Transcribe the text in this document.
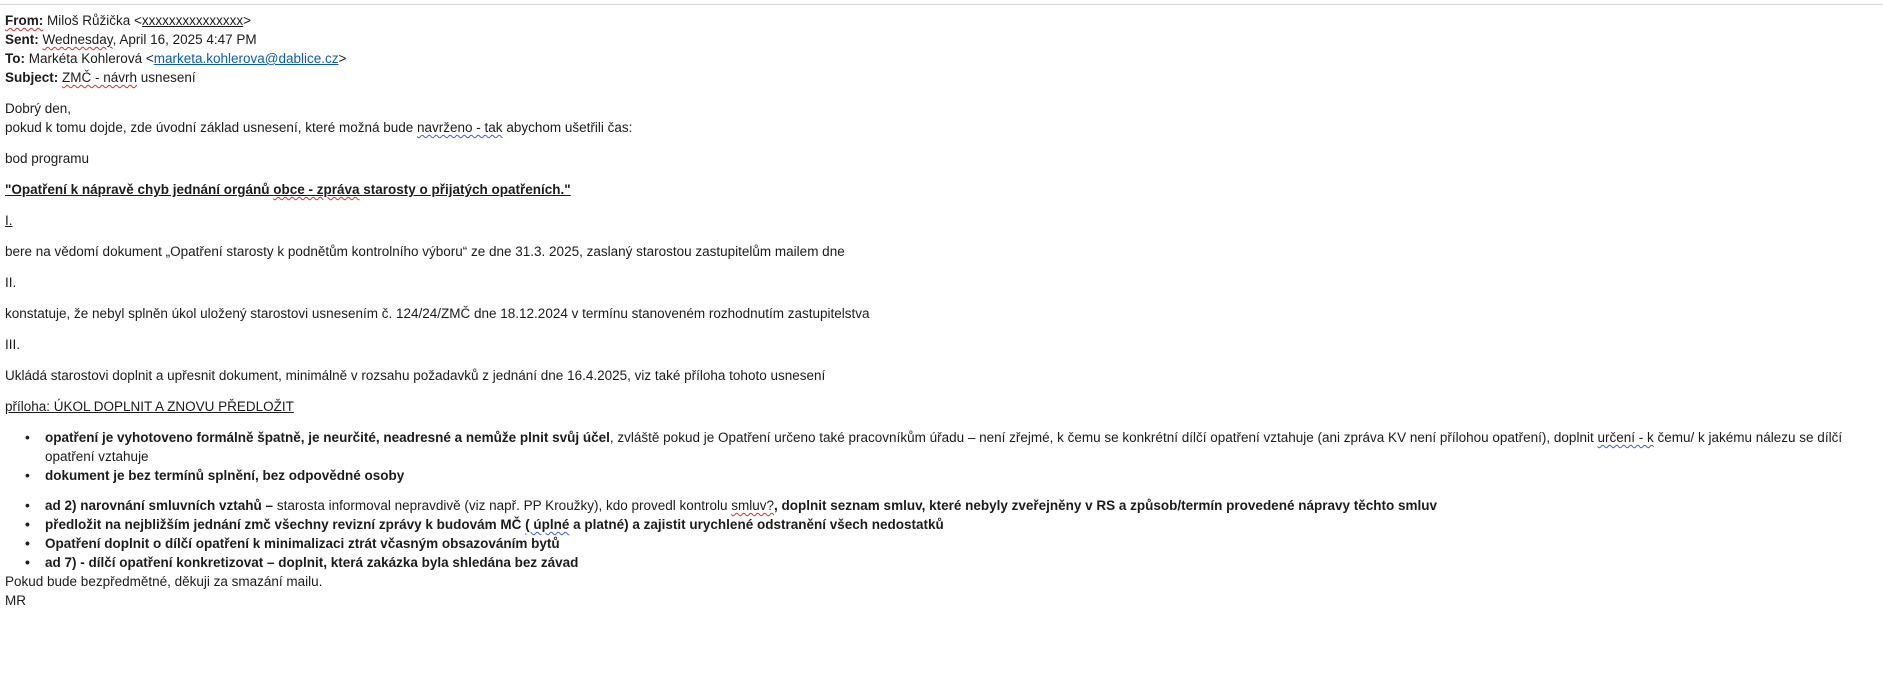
From: Miloš Růžička <xxxxxxxxxxxxxxx>
Sent: Wednesday, April 16, 2025 4:47 PM
To: Markéta Kohlerová <marketa.kohlerova@dablice.cz>
Subject: ZMČ - návrh usnesení
Dobrý den,
pokud k tomu dojde, zde úvodní základ usnesení, které možná bude navrženo - tak abychom ušetřili čas:
bod programu
"Opatření k nápravě chyb jednání orgánů obce - zpráva starosty o přijatých opatřeních."
I.
bere na vědomí dokument „Opatření starosty k podnětům kontrolního výboru“ ze dne 31.3. 2025, zaslaný starostou zastupitelům mailem dne
II.
konstatuje, že nebyl splněn úkol uložený starostovi usnesením č. 124/24/ZMČ dne 18.12.2024 v termínu stanoveném rozhodnutím zastupitelstva
III.
Ukládá starostovi doplnit a upřesnit dokument, minimálně v rozsahu požadavků z jednání dne 16.4.2025, viz také příloha tohoto usnesení
příloha: ÚKOL DOPLNIT A ZNOVU PŘEDLOŽIT
• opatření je vyhotoveno formálně špatně, je neurčité, neadresné a nemůže plnit svůj účel, zvláště pokud je Opatření určeno také pracovníkům úřadu – není zřejmé, k čemu se konkrétní dílčí opatření vztahuje (ani zpráva KV není přílohou opatření), doplnit určení - k čemu/ k jakému nálezu se dílčí opatření vztahuje
• dokument je bez termínů splnění, bez odpovědné osoby
• ad 2) narovnání smluvních vztahů – starosta informoval nepravdivě (viz např. PP Kroužky), kdo provedl kontrolu smluv?, doplnit seznam smluv, které nebyly zveřejněny v RS a způsob/termín provedené nápravy těchto smluv
• předložit na nejbližším jednání zmč všechny revizní zprávy k budovám MČ ( úplné a platné) a zajistit urychlené odstranění všech nedostatků
• Opatření doplnit o dílčí opatření k minimalizaci ztrát včasným obsazováním bytů
• ad 7) - dílčí opatření konkretizovat – doplnit, která zakázka byla shledána bez závad
Pokud bude bezpředmětné, děkuji za smazání mailu.
MR
